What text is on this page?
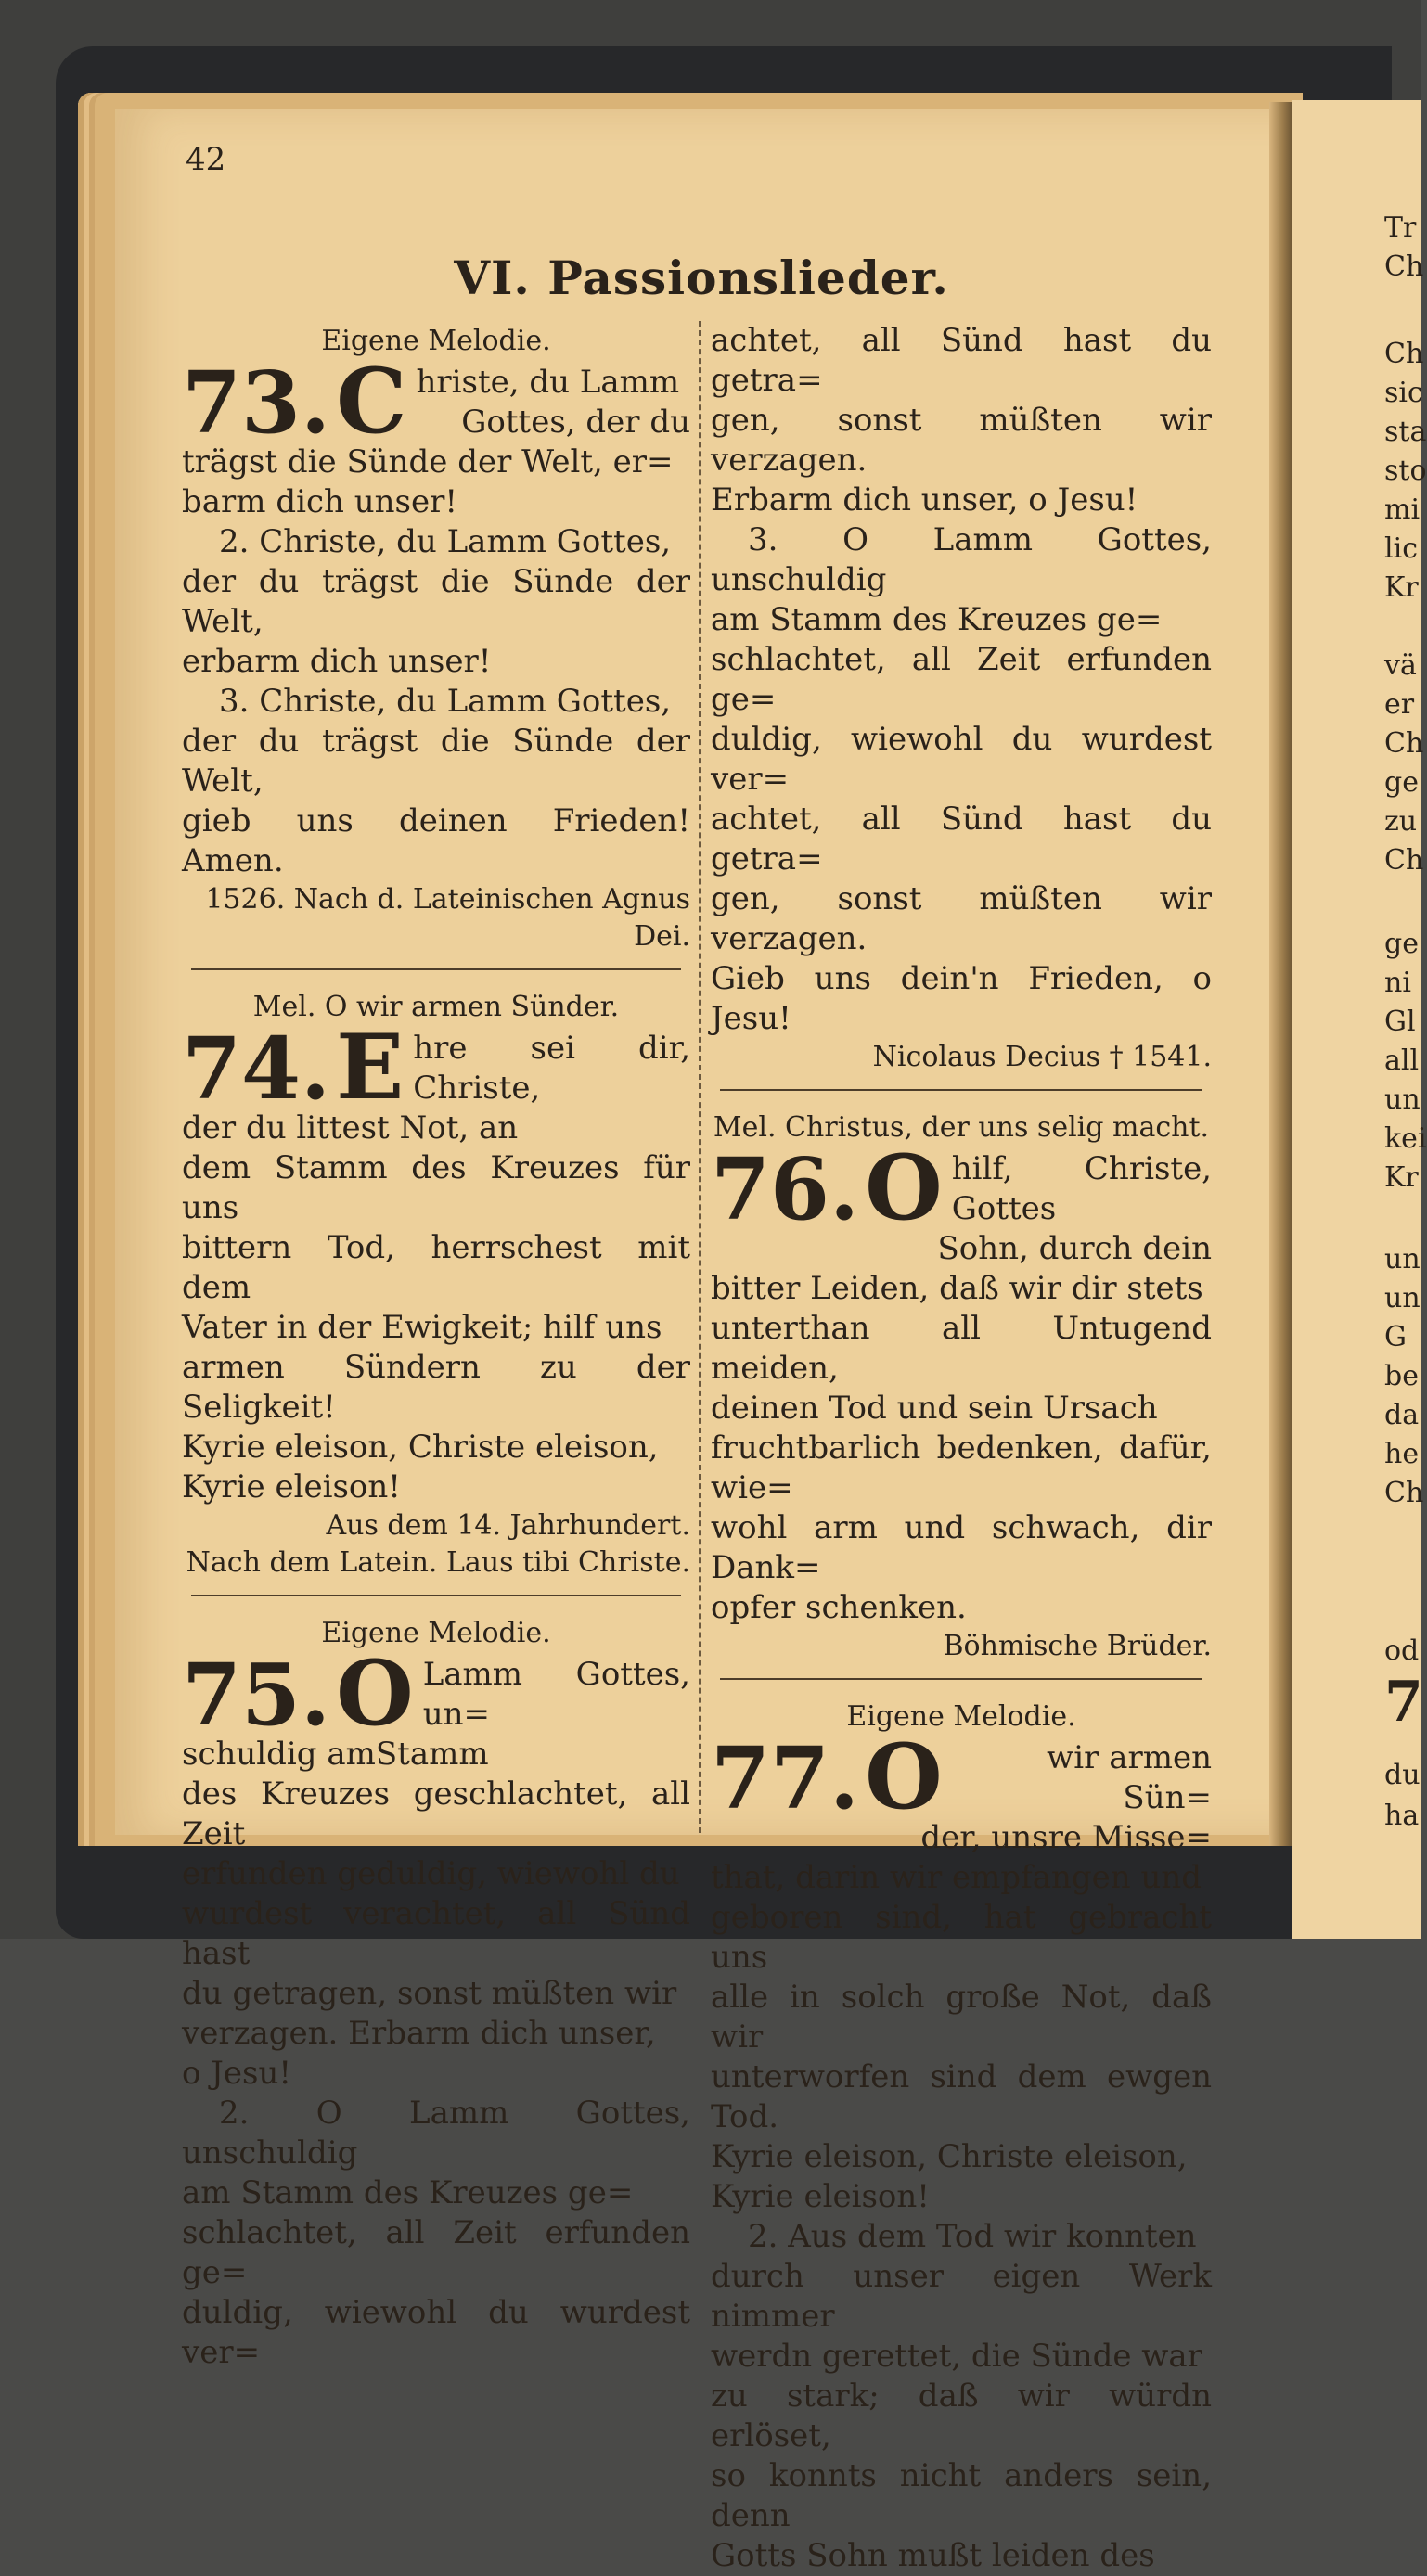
42
VI. Passionslieder.
Eigene Melodie.
73. C hriste, du Lamm
Gottes, der du
trägst die Sünde der Welt, er=
barm dich unser!
2. Christe, du Lamm Gottes,
der du trägst die Sünde der Welt,
erbarm dich unser!
3. Christe, du Lamm Gottes,
der du trägst die Sünde der Welt,
gieb uns deinen Frieden! Amen.
1526. Nach d. Lateinischen Agnus Dei.
Mel. O wir armen Sünder.
74. E hre sei dir, Christe,
der du littest Not, an
dem Stamm des Kreuzes für uns
bittern Tod, herrschest mit dem
Vater in der Ewigkeit; hilf uns
armen Sündern zu der Seligkeit!
Kyrie eleison, Christe eleison,
Kyrie eleison!
Aus dem 14. Jahrhundert.
Nach dem Latein. Laus tibi Christe.
Eigene Melodie.
75. O Lamm Gottes, un=
schuldig amStamm
des Kreuzes geschlachtet, all Zeit
erfunden geduldig, wiewohl du
wurdest verachtet, all Sünd hast
du getragen, sonst müßten wir
verzagen. Erbarm dich unser,
o Jesu!
2. O Lamm Gottes, unschuldig
am Stamm des Kreuzes ge=
schlachtet, all Zeit erfunden ge=
duldig, wiewohl du wurdest ver=
achtet, all Sünd hast du getra=
gen, sonst müßten wir verzagen.
Erbarm dich unser, o Jesu!
3. O Lamm Gottes, unschuldig
am Stamm des Kreuzes ge=
schlachtet, all Zeit erfunden ge=
duldig, wiewohl du wurdest ver=
achtet, all Sünd hast du getra=
gen, sonst müßten wir verzagen.
Gieb uns dein'n Frieden, o Jesu!
Nicolaus Decius † 1541.
Mel. Christus, der uns selig macht.
76. O hilf, Christe, Gottes
Sohn, durch dein
bitter Leiden, daß wir dir stets
unterthan all Untugend meiden,
deinen Tod und sein Ursach
fruchtbarlich bedenken, dafür, wie=
wohl arm und schwach, dir Dank=
opfer schenken.
Böhmische Brüder.
Eigene Melodie.
77. O	wir armen Sün=
der, unsre Misse=
that, darin wir empfangen und
geboren sind, hat gebracht uns
alle in solch große Not, daß wir
unterworfen sind dem ewgen Tod.
Kyrie eleison, Christe eleison,
Kyrie eleison!
2. Aus dem Tod wir konnten
durch unser eigen Werk nimmer
werdn gerettet, die Sünde war
zu stark; daß wir würdn erlöset,
so konnts nicht anders sein, denn
Gotts Sohn mußt leiden des
Tr
Ch
Ch
sic
sta
sto
mi
lic
Kr
vä
er
Ch
ge
zu
Ch
ge
ni
Gl
all
un
kei
Kr
un
un
G
be
da
he
Ch
od
7
du
ha
